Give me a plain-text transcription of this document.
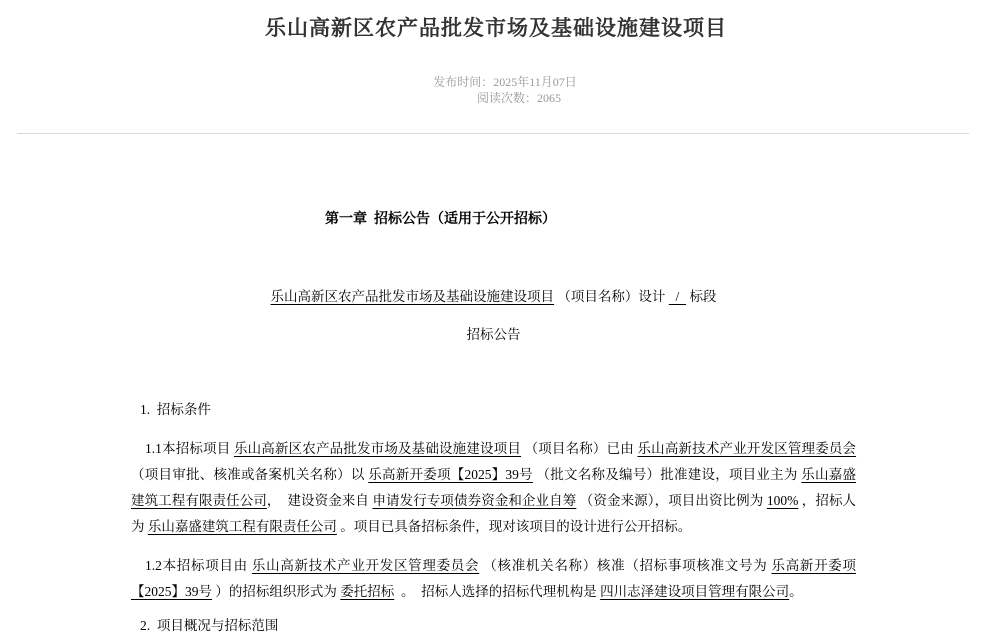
乐山高新区农产品批发市场及基础设施建设项目

发布时间：2025年11月07日
阅读次数：2065

第一章  招标公告（适用于公开招标）
乐山高新区农产品批发市场及基础设施建设项目 （项目名称）设计   /   标段
招标公告
1.  招标条件

1.1本招标项目 乐山高新区农产品批发市场及基础设施建设项目 （项目名称）已由 乐山高新技术产业开发区管理委员会（项目审批、核准或备案机关名称）以 乐高新开委项【2025】39号 （批文名称及编号）批准建设，项目业主为 乐山嘉盛建筑工程有限责任公司，  建设资金来自 申请发行专项债券资金和企业自筹 （资金来源），项目出资比例为 100% ，招标人为 乐山嘉盛建筑工程有限责任公司 。项目已具备招标条件，现对该项目的设计进行公开招标。

1.2本招标项目由 乐山高新技术产业开发区管理委员会 （核准机关名称）核准（招标事项核准文号为 乐高新开委项【2025】39号 ）的招标组织形式为 委托招标  。  招标人选择的招标代理机构是 四川志泽建设项目管理有限公司。

2.  项目概况与招标范围
